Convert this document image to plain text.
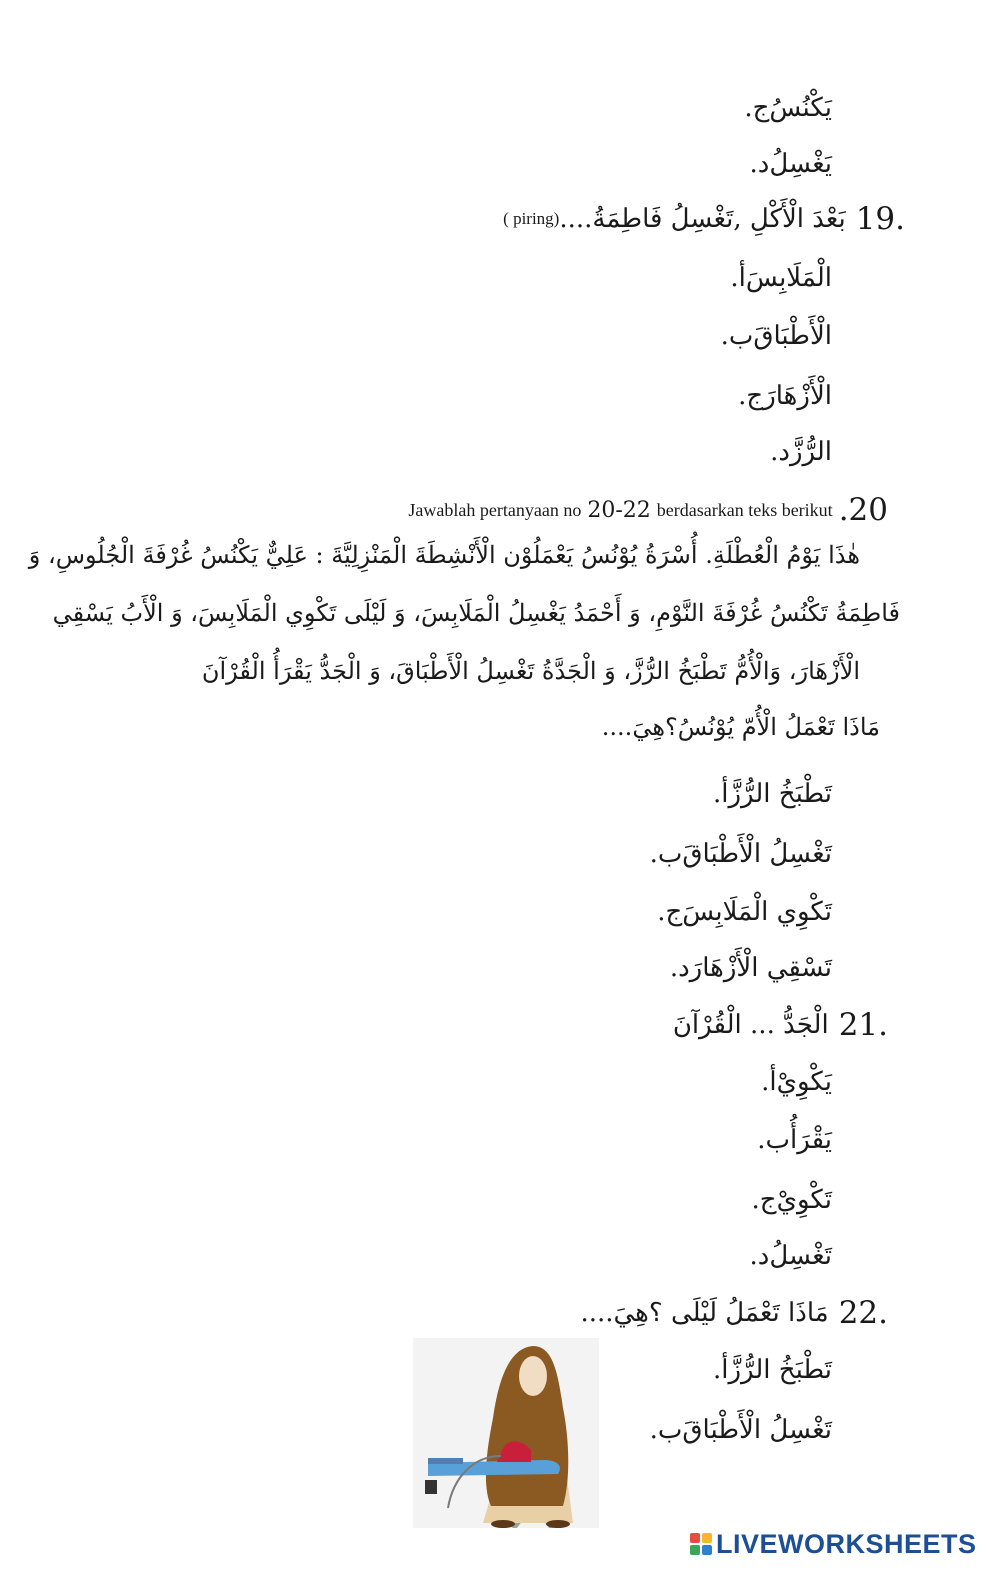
ج. يَكْنُسُ
د. يَغْسِلُ
19.
بَعْدَ الْأَكْلِ ,تَغْسِلُ فَاطِمَةُ....
( piring)
أ. الْمَلَابِسَ
ب. الْأَطْبَاقَ
ج. الْأَزْهَارَ
د. الرُّزَّ
Jawablah pertanyaan no 20-22 berdasarkan teks berikut .20
هٰذَا يَوْمُ الْعُطْلَةِ. أُسْرَةُ يُوْنُسُ يَعْمَلُوْن الْأَنْشِطَةَ الْمَنْزِلِيَّةَ : عَلِيٌّ يَكْنُسُ غُرْفَةَ الْجُلُوسِ، وَ
فَاطِمَةُ تَكْنُسُ غُرْفَةَ النَّوْمِ، وَ أَحْمَدُ يَغْسِلُ الْمَلَابِسَ، وَ لَيْلَى تَكْوِي الْمَلَابِسَ، وَ الْأَبُ يَسْقِي
الْأَزْهَارَ، وَالْأُمُّ تَطْبَخُ الرُّزَّ، وَ الْجَدَّةُ تَغْسِلُ الْأَطْبَاقَ، وَ الْجَدُّ يَقْرَأُ الْقُرْآنَ
مَاذَا تَعْمَلُ الْأُمّ يُوْنُسُ؟هِيَ....
أ. تَطْبَخُ الرُّزَّ
ب. تَغْسِلُ الْأَطْبَاقَ
ج. تَكْوِي الْمَلَابِسَ
د. تَسْقِي الْأَزْهَارَ
21.
الْجَدُّ ... الْقُرْآنَ
أ. يَكْوِيْ
ب. يَقْرَأُ
ج. تَكْوِيْ
د. تَغْسِلُ
22.
مَاذَا تَعْمَلُ لَيْلَى ؟هِيَ....
أ. تَطْبَخُ الرُّزَّ
ب. تَغْسِلُ الْأَطْبَاقَ
LIVEWORKSHEETS
